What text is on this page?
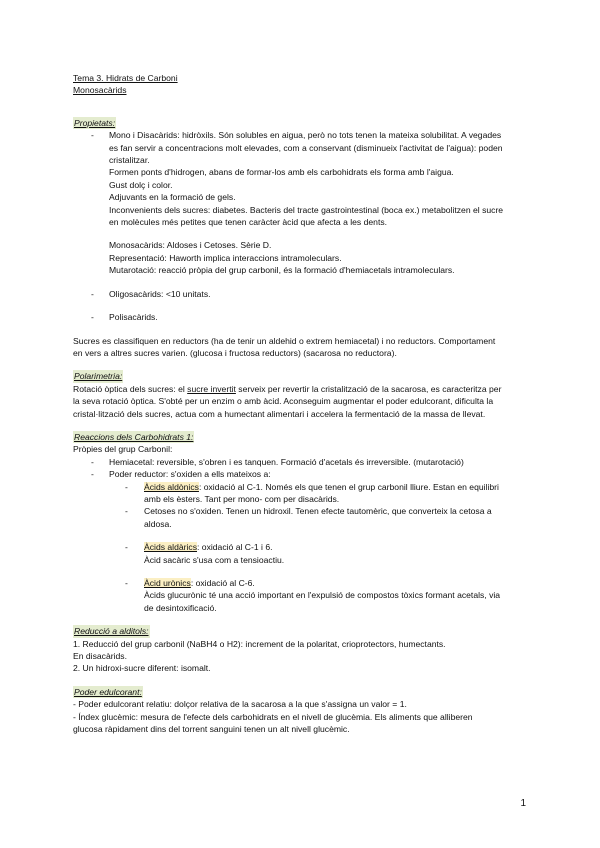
Tema 3. Hidrats de Carboni
Monosacàrids
Propietats:
- Mono i Disacàrids: hidròxils. Són solubles en aigua, però no tots tenen la mateixa solubilitat. A vegades
es fan servir a concentracions molt elevades, com a conservant (disminueix l'activitat de l'aigua): poden
cristalitzar.
Formen ponts d'hidrogen, abans de formar-los amb els carbohidrats els forma amb l'aigua.
Gust dolç i color.
Adjuvants en la formació de gels.
Inconvenients dels sucres: diabetes. Bacteris del tracte gastrointestinal (boca ex.) metabolitzen el sucre
en molècules més petites que tenen caràcter àcid que afecta a les dents.
Monosacàrids: Aldoses i Cetoses. Sèrie D.
Representació: Haworth implica interaccions intramoleculars.
Mutarotació: reacció pròpia del grup carbonil, és la formació d'hemiacetals intramoleculars.
- Oligosacàrids: <10 unitats.
- Polisacàrids.
Sucres es classifiquen en reductors (ha de tenir un aldehid o extrem hemiacetal) i no reductors. Comportament
en vers a altres sucres varien. (glucosa i fructosa reductors) (sacarosa no reductora).
Polarimetria:
Rotació òptica dels sucres: el sucre invertit serveix per revertir la cristalització de la sacarosa, es caracteritza per
la seva rotació òptica. S'obté per un enzim o amb àcid. Aconseguim augmentar el poder edulcorant, dificulta la
cristal·lització dels sucres, actua com a humectant alimentari i accelera la fermentació de la massa de llevat.
Reaccions dels Carbohidrats 1:
Pròpies del grup Carbonil:
- Hemiacetal: reversible, s'obren i es tanquen. Formació d'acetals és irreversible. (mutarotació)
- Poder reductor: s'oxiden a ells mateixos a:
- Àcids aldònics: oxidació al C-1. Només els que tenen el grup carbonil lliure. Estan en equilibri
amb els èsters. Tant per mono- com per disacàrids.
- Cetoses no s'oxiden. Tenen un hidroxil. Tenen efecte tautomèric, que converteix la cetosa a
aldosa.
- Àcids aldàrics: oxidació al C-1 i 6.
Àcid sacàric s'usa com a tensioactiu.
- Àcid urònics: oxidació al C-6.
Àcids glucurònic té una acció important en l'expulsió de compostos tòxics formant acetals, via
de desintoxificació.
Reducció a alditols:
1. Reducció del grup carbonil (NaBH4 o H2): increment de la polaritat, crioprotectors, humectants.
En disacàrids.
2. Un hidroxi-sucre diferent: isomalt.
Poder edulcorant:
- Poder edulcorant relatiu: dolçor relativa de la sacarosa a la que s'assigna un valor = 1.
- Índex glucèmic: mesura de l'efecte dels carbohidrats en el nivell de glucèmia. Els aliments que alliberen
glucosa ràpidament dins del torrent sanguini tenen un alt nivell glucèmic.
1
